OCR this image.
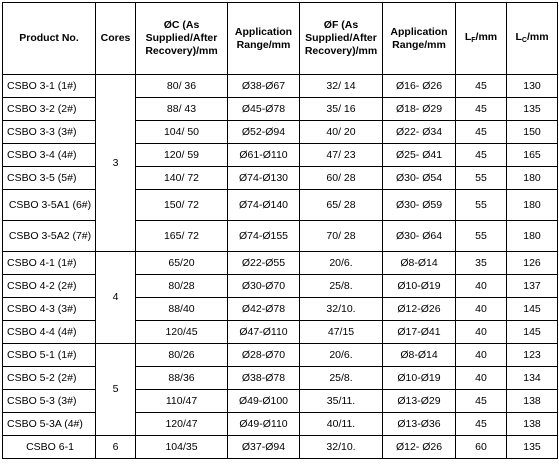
Product No.	Cores	ØC (As Supplied/After Recovery)/mm	Application Range/mm	ØF (As Supplied/After Recovery)/mm	Application Range/mm	$L_F/mm$	$L_C/mm$
CSBO 3-1 (1#)	3	80/ 36	Ø38-Ø67	32/ 14	Ø16- Ø26	45	130
CSBO 3-2 (2#)		88/ 43	Ø45-Ø78	35/ 16	Ø18- Ø29	45	135
CSBO 3-3 (3#)		104/ 50	Ø52-Ø94	40/ 20	Ø22- Ø34	45	150
CSBO 3-4 (4#)		120/ 59	Ø61-Ø110	47/ 23	Ø25- Ø41	45	165
CSBO 3-5 (5#)		140/ 72	Ø74-Ø130	60/ 28	Ø30- Ø54	55	180
CSBO 3-5A1 (6#)		150/ 72	Ø74-Ø140	65/ 28	Ø30- Ø59	55	180
CSBO 3-5A2 (7#)		165/ 72	Ø74-Ø155	70/ 28	Ø30- Ø64	55	180
CSBO 4-1 (1#)	4	65/20	Ø22-Ø55	20/6.	Ø8-Ø14	35	126
CSBO 4-2 (2#)		80/28	Ø30-Ø70	25/8.	Ø10-Ø19	40	137
CSBO 4-3 (3#)		88/40	Ø42-Ø78	32/10.	Ø12-Ø26	40	145
CSBO 4-4 (4#)		120/45	Ø47-Ø110	47/15	Ø17-Ø41	40	145
CSBO 5-1 (1#)	5	80/26	Ø28-Ø70	20/6.	Ø8-Ø14	40	123
CSBO 5-2 (2#)		88/36	Ø38-Ø78	25/8.	Ø10-Ø19	40	134
CSBO 5-3 (3#)		110/47	Ø49-Ø100	35/11.	Ø13-Ø29	45	138
CSBO 5-3A (4#)		120/47	Ø49-Ø110	40/11.	Ø13-Ø36	45	138
CSBO 6-1	6	104/35	Ø37-Ø94	32/10.	Ø12- Ø26	60	135
